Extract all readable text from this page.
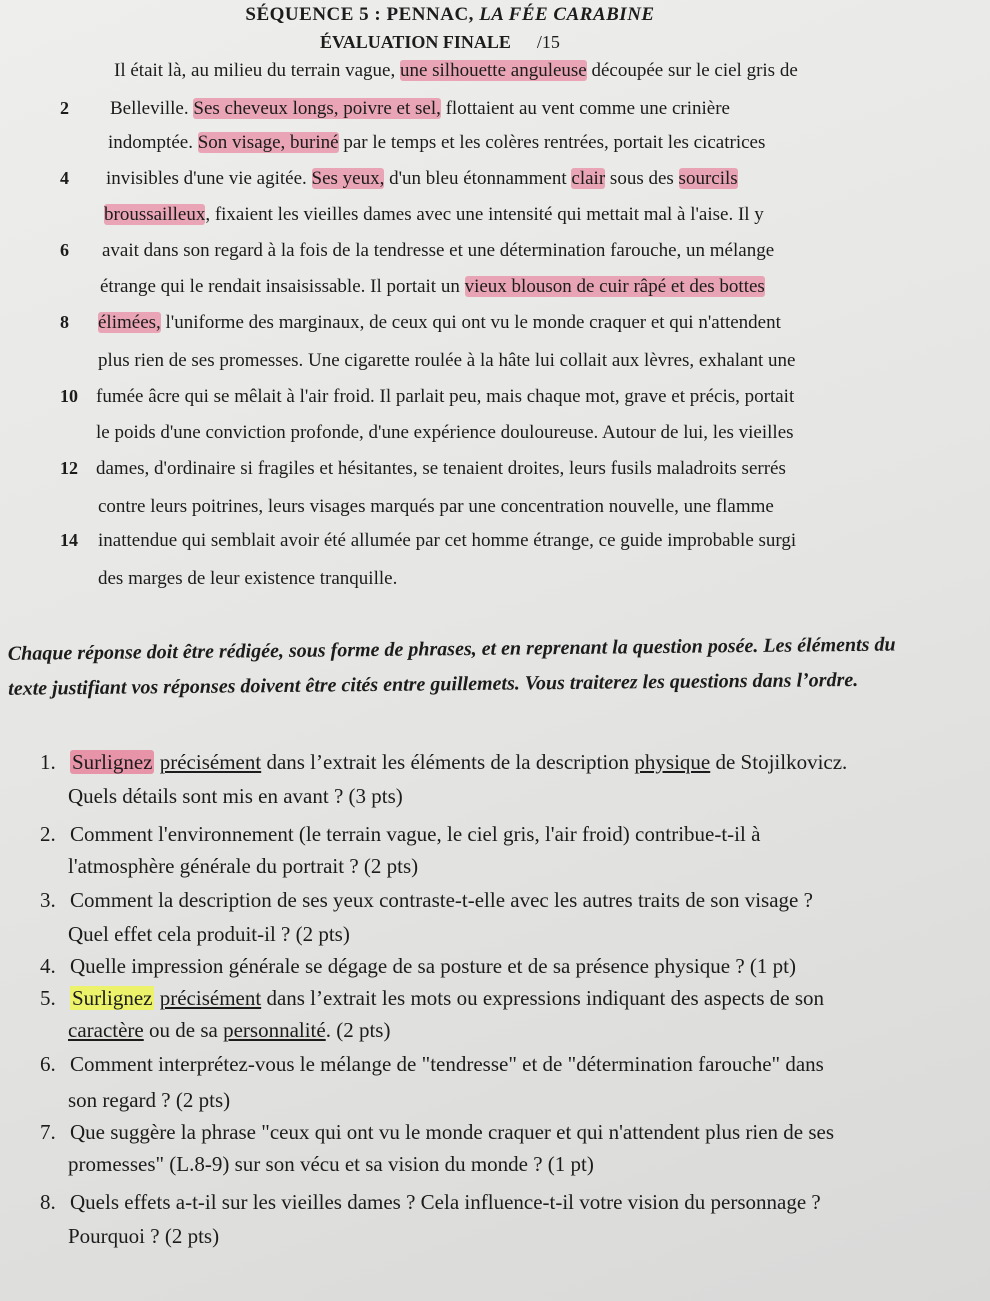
SÉQUENCE 5 : PENNAC, LA FÉE CARABINE
ÉVALUATION FINALE /15
Il était là, au milieu du terrain vague, une silhouette anguleuse découpée sur le ciel gris de
2 Belleville. Ses cheveux longs, poivre et sel, flottaient au vent comme une crinière
indomptée. Son visage, buriné par le temps et les colères rentrées, portait les cicatrices
4 invisibles d'une vie agitée. Ses yeux, d'un bleu étonnamment clair sous des sourcils
broussailleux, fixaient les vieilles dames avec une intensité qui mettait mal à l'aise. Il y
6 avait dans son regard à la fois de la tendresse et une détermination farouche, un mélange
étrange qui le rendait insaisissable. Il portait un vieux blouson de cuir râpé et des bottes
8 élimées, l'uniforme des marginaux, de ceux qui ont vu le monde craquer et qui n'attendent
plus rien de ses promesses. Une cigarette roulée à la hâte lui collait aux lèvres, exhalant une
10 fumée âcre qui se mêlait à l'air froid. Il parlait peu, mais chaque mot, grave et précis, portait
le poids d'une conviction profonde, d'une expérience douloureuse. Autour de lui, les vieilles
12 dames, d'ordinaire si fragiles et hésitantes, se tenaient droites, leurs fusils maladroits serrés
contre leurs poitrines, leurs visages marqués par une concentration nouvelle, une flamme
14 inattendue qui semblait avoir été allumée par cet homme étrange, ce guide improbable surgi
des marges de leur existence tranquille.
Chaque réponse doit être rédigée, sous forme de phrases, et en reprenant la question posée. Les éléments du texte justifiant vos réponses doivent être cités entre guillemets. Vous traiterez les questions dans l’ordre.
1. Surlignez précisément dans l’extrait les éléments de la description physique de Stojilkovicz.
Quels détails sont mis en avant ? (3 pts)
2. Comment l'environnement (le terrain vague, le ciel gris, l'air froid) contribue-t-il à
l'atmosphère générale du portrait ? (2 pts)
3. Comment la description de ses yeux contraste-t-elle avec les autres traits de son visage ?
Quel effet cela produit-il ? (2 pts)
4. Quelle impression générale se dégage de sa posture et de sa présence physique ? (1 pt)
5. Surlignez précisément dans l’extrait les mots ou expressions indiquant des aspects de son
caractère ou de sa personnalité. (2 pts)
6. Comment interprétez-vous le mélange de "tendresse" et de "détermination farouche" dans
son regard ? (2 pts)
7. Que suggère la phrase "ceux qui ont vu le monde craquer et qui n'attendent plus rien de ses
promesses" (L.8-9) sur son vécu et sa vision du monde ? (1 pt)
8. Quels effets a-t-il sur les vieilles dames ? Cela influence-t-il votre vision du personnage ?
Pourquoi ? (2 pts)
